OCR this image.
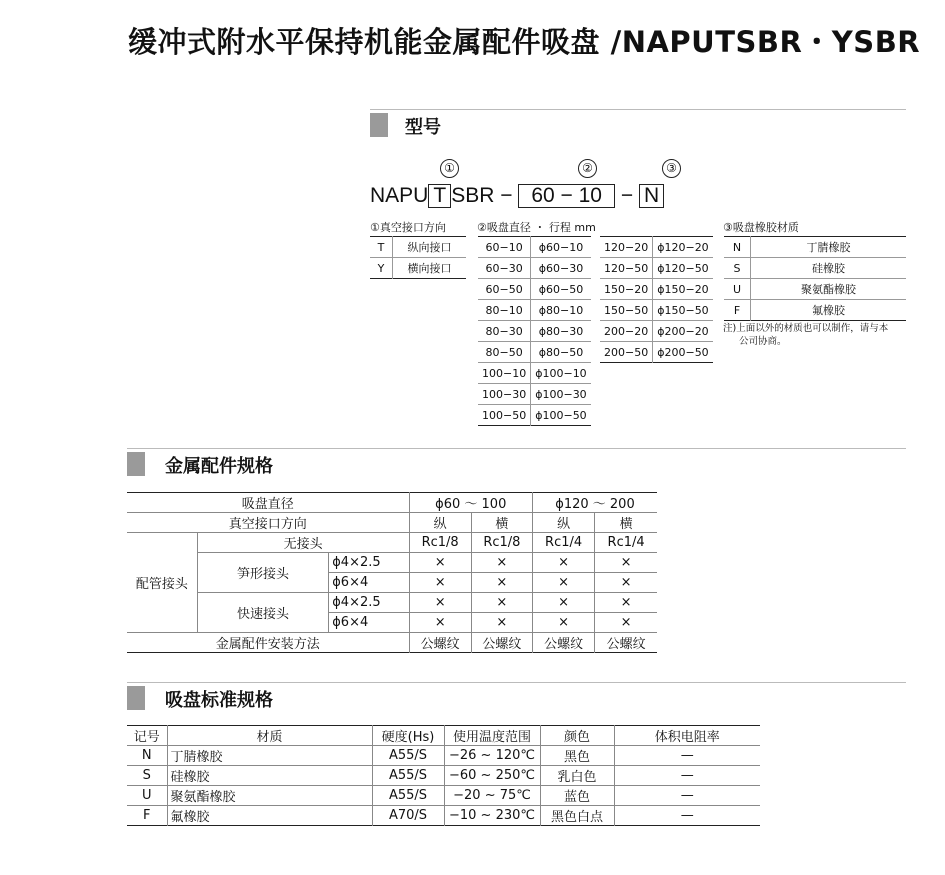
缓冲式附水平保持机能金属配件吸盘 /NAPUTSBR・YSBR
型号
①	②	③
NAPU T SBR − 60 − 10 − N
①真空接口方向
T	纵向接口
Y	横向接口
②吸盘直径 ・ 行程 mm
60−10	ϕ60−10
60−30	ϕ60−30
60−50	ϕ60−50
80−10	ϕ80−10
80−30	ϕ80−30
80−50	ϕ80−50
100−10	ϕ100−10
100−30	ϕ100−30
100−50	ϕ100−50
120−20	ϕ120−20
120−50	ϕ120−50
150−20	ϕ150−20
150−50	ϕ150−50
200−20	ϕ200−20
200−50	ϕ200−50
③吸盘橡胶材质
N	丁腈橡胶
S	硅橡胶
U	聚氨酯橡胶
F	氟橡胶
注)上面以外的材质也可以制作，请与本
公司协商。
金属配件规格
吸盘直径			ϕ60 ～ 100		ϕ120 ～ 200	
真空接口方向			纵	横	纵	横
配管接头	无接头		Rc1/8	Rc1/8	Rc1/4	Rc1/4
	笋形接头	ϕ4×2.5	×	×	×	×
		ϕ6×4	×	×	×	×
	快速接头	ϕ4×2.5	×	×	×	×
		ϕ6×4	×	×	×	×
金属配件安装方法			公螺纹	公螺纹	公螺纹	公螺纹
吸盘标准规格
记号	材质	硬度(Hs)	使用温度范围	颜色	体积电阻率
N	丁腈橡胶	A55/S	−26 ~ 120℃	黑色	—
S	硅橡胶	A55/S	−60 ~ 250℃	乳白色	—
U	聚氨酯橡胶	A55/S	−20 ~ 75℃	蓝色	—
F	氟橡胶	A70/S	−10 ~ 230℃	黑色白点	—
